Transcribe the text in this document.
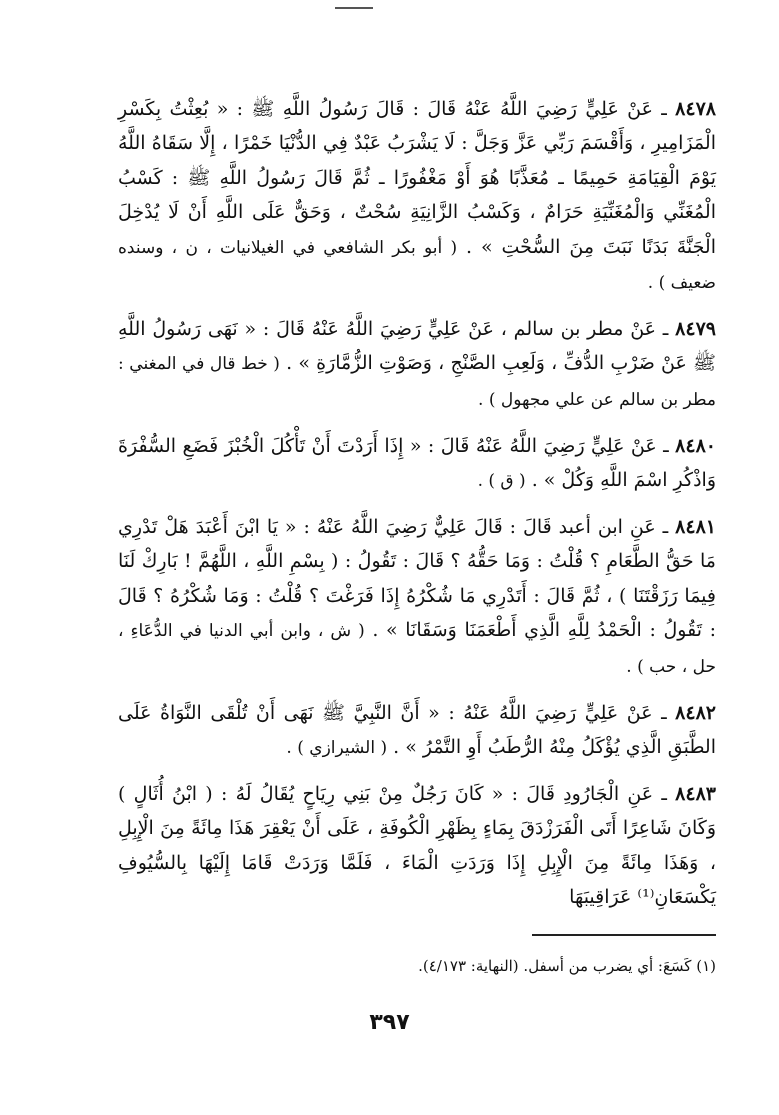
٨٤٧٨ ـ عَنْ عَلِيٍّ رَضِيَ اللَّهُ عَنْهُ قَالَ : قَالَ رَسُولُ اللَّهِ ﷺ : « بُعِثْتُ بِكَسْرِ الْمَزَامِيرِ ، وَأَقْسَمَ رَبِّي عَزَّ وَجَلَّ : لَا يَشْرَبُ عَبْدٌ فِي الدُّنْيَا خَمْرًا ، إِلَّا سَقَاهُ اللَّهُ يَوْمَ الْقِيَامَةِ حَمِيمًا ـ مُعَذَّبًا هُوَ أَوْ مَغْفُورًا ـ ثُمَّ قَالَ رَسُولُ اللَّهِ ﷺ : كَسْبُ الْمُغَنِّي وَالْمُغَنِّيَةِ حَرَامٌ ، وَكَسْبُ الزَّانِيَةِ سُحْتٌ ، وَحَقٌّ عَلَى اللَّهِ أَنْ لَا يُدْخِلَ الْجَنَّةَ بَدَنًا نَبَتَ مِنَ السُّحْتِ » . ( أبو بكر الشافعي في الغيلانيات ، ن ، وسنده ضعيف ) .

٨٤٧٩ ـ عَنْ مطر بن سالم ، عَنْ عَلِيٍّ رَضِيَ اللَّهُ عَنْهُ قَالَ : « نَهَى رَسُولُ اللَّهِ ﷺ عَنْ ضَرْبِ الدُّفِّ ، وَلَعِبِ الصَّنْجِ ، وَصَوْتِ الزُّمَّارَةِ » . ( خط قال في المغني : مطر بن سالم عن علي مجهول ) .

٨٤٨٠ ـ عَنْ عَلِيٍّ رَضِيَ اللَّهُ عَنْهُ قَالَ : « إِذَا أَرَدْتَ أَنْ تَأْكُلَ الْخُبْزَ فَضَعِ السُّفْرَةَ وَاذْكُرِ اسْمَ اللَّهِ وَكُلْ » . ( ق ) .

٨٤٨١ ـ عَنِ ابن أعبد قَالَ : قَالَ عَلِيٌّ رَضِيَ اللَّهُ عَنْهُ : « يَا ابْنَ أَعْبَدَ هَلْ تَدْرِي مَا حَقُّ الطَّعَامِ ؟ قُلْتُ : وَمَا حَقُّهُ ؟ قَالَ : تَقُولُ : ( بِسْمِ اللَّهِ ، اللَّهُمَّ ! بَارِكْ لَنَا فِيمَا رَزَقْتَنَا ) ، ثُمَّ قَالَ : أَتَدْرِي مَا شُكْرُهُ إِذَا فَرَغْتَ ؟ قُلْتُ : وَمَا شُكْرُهُ ؟ قَالَ : تَقُولُ : الْحَمْدُ لِلَّهِ الَّذِي أَطْعَمَنَا وَسَقَانَا » . ( ش ، وابن أبي الدنيا في الدُّعَاءِ ، حل ، حب ) .

٨٤٨٢ ـ عَنْ عَلِيٍّ رَضِيَ اللَّهُ عَنْهُ : « أَنَّ النَّبِيَّ ﷺ نَهَى أَنْ تُلْقَى النَّوَاةُ عَلَى الطَّبَقِ الَّذِي يُؤْكَلُ مِنْهُ الرُّطَبُ أَوِ التَّمْرُ » . ( الشيرازي ) .

٨٤٨٣ ـ عَنِ الْجَارُودِ قَالَ : « كَانَ رَجُلٌ مِنْ بَنِي رِيَاحٍ يُقَالُ لَهُ : ( ابْنُ أُثَالٍ ) وَكَانَ شَاعِرًا أَتَى الْفَرَزْدَقَ بِمَاءٍ بِظَهْرِ الْكُوفَةِ ، عَلَى أَنْ يَعْقِرَ هَذَا مِائَةً مِنَ الْإِبِلِ ، وَهَذَا مِائَةً مِنَ الْإِبِلِ إِذَا وَرَدَتِ الْمَاءَ ، فَلَمَّا وَرَدَتْ قَامَا إِلَيْهَا بِالسُّيُوفِ يَكْسَعَانِ⁽¹⁾ عَرَاقِيبَهَا

(١) كَسَعَ: أي يضرب من أسفل. (النهاية: ٤/١٧٣).
٣٩٧
